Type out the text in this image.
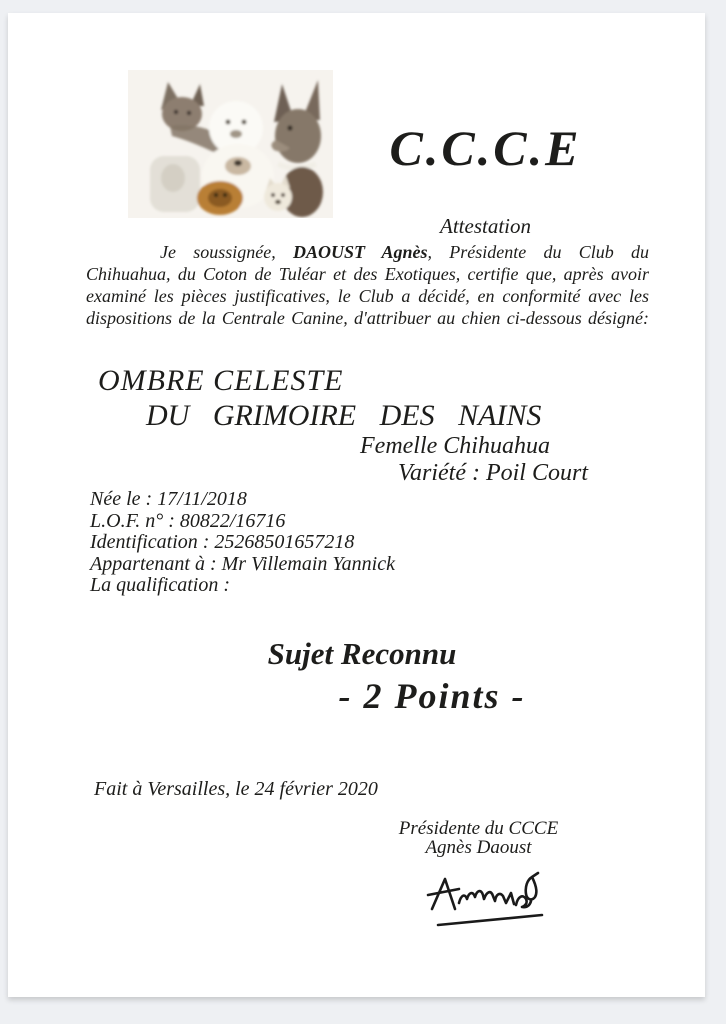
C.C.C.E
Attestation
Je soussignée, DAOUST Agnès, Présidente du Club du
Chihuahua, du Coton de Tuléar et des Exotiques, certifie que, après avoir
examiné les pièces justificatives, le Club a décidé, en conformité avec les
dispositions de la Centrale Canine, d'attribuer au chien ci-dessous désigné:
OMBRE CELESTE
DU GRIMOIRE DES NAINS
Femelle Chihuahua
Variété : Poil Court
Née le : 17/11/2018
L.O.F. n° : 80822/16716
Identification : 25268501657218
Appartenant à : Mr Villemain Yannick
La qualification :
Sujet Reconnu
- 2 Points -
Fait à Versailles, le 24 février 2020
Présidente du CCCE
Agnès Daoust
